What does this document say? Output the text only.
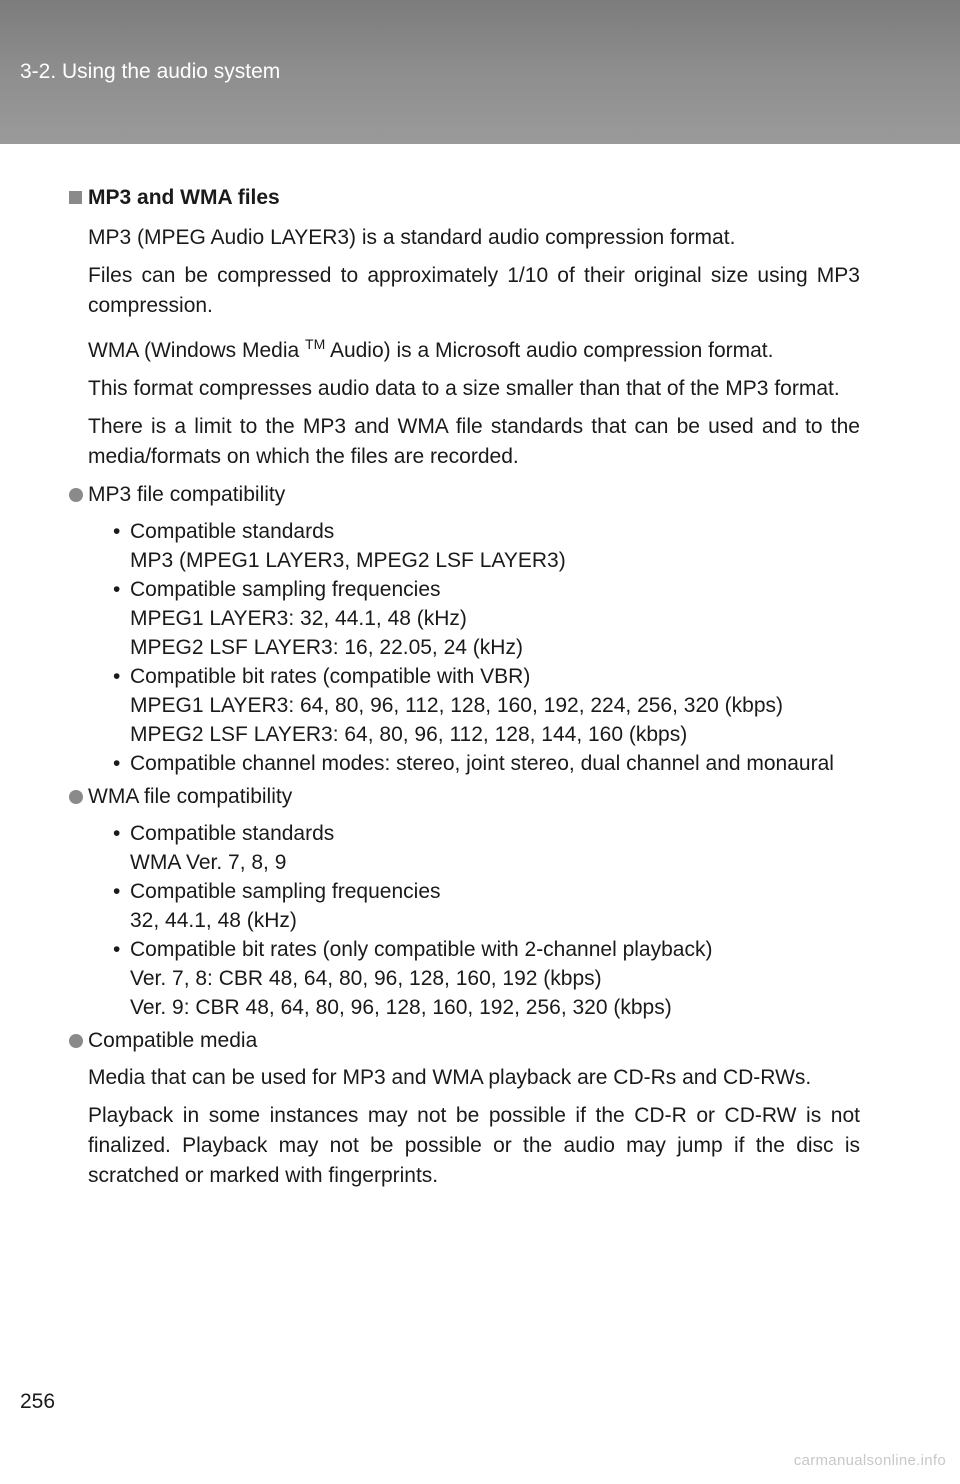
3-2. Using the audio system
MP3 and WMA files

MP3 (MPEG Audio LAYER3) is a standard audio compression format.

Files can be compressed to approximately 1/10 of their original size using MP3 compression.

WMA (Windows Media ™ Audio) is a Microsoft audio compression format.

This format compresses audio data to a size smaller than that of the MP3 format.

There is a limit to the MP3 and WMA file standards that can be used and to the media/formats on which the files are recorded.

MP3 file compatibility
• Compatible standards
MP3 (MPEG1 LAYER3, MPEG2 LSF LAYER3)
• Compatible sampling frequencies
MPEG1 LAYER3: 32, 44.1, 48 (kHz)
MPEG2 LSF LAYER3: 16, 22.05, 24 (kHz)
• Compatible bit rates (compatible with VBR)
MPEG1 LAYER3: 64, 80, 96, 112, 128, 160, 192, 224, 256, 320 (kbps)
MPEG2 LSF LAYER3: 64, 80, 96, 112, 128, 144, 160 (kbps)
• Compatible channel modes: stereo, joint stereo, dual channel and monaural
WMA file compatibility
• Compatible standards
WMA Ver. 7, 8, 9
• Compatible sampling frequencies
32, 44.1, 48 (kHz)
• Compatible bit rates (only compatible with 2-channel playback)
Ver. 7, 8: CBR 48, 64, 80, 96, 128, 160, 192 (kbps)
Ver. 9: CBR 48, 64, 80, 96, 128, 160, 192, 256, 320 (kbps)
Compatible media

Media that can be used for MP3 and WMA playback are CD-Rs and CD-RWs.

Playback in some instances may not be possible if the CD-R or CD-RW is not finalized. Playback may not be possible or the audio may jump if the disc is scratched or marked with fingerprints.

256
carmanualsonline.info
